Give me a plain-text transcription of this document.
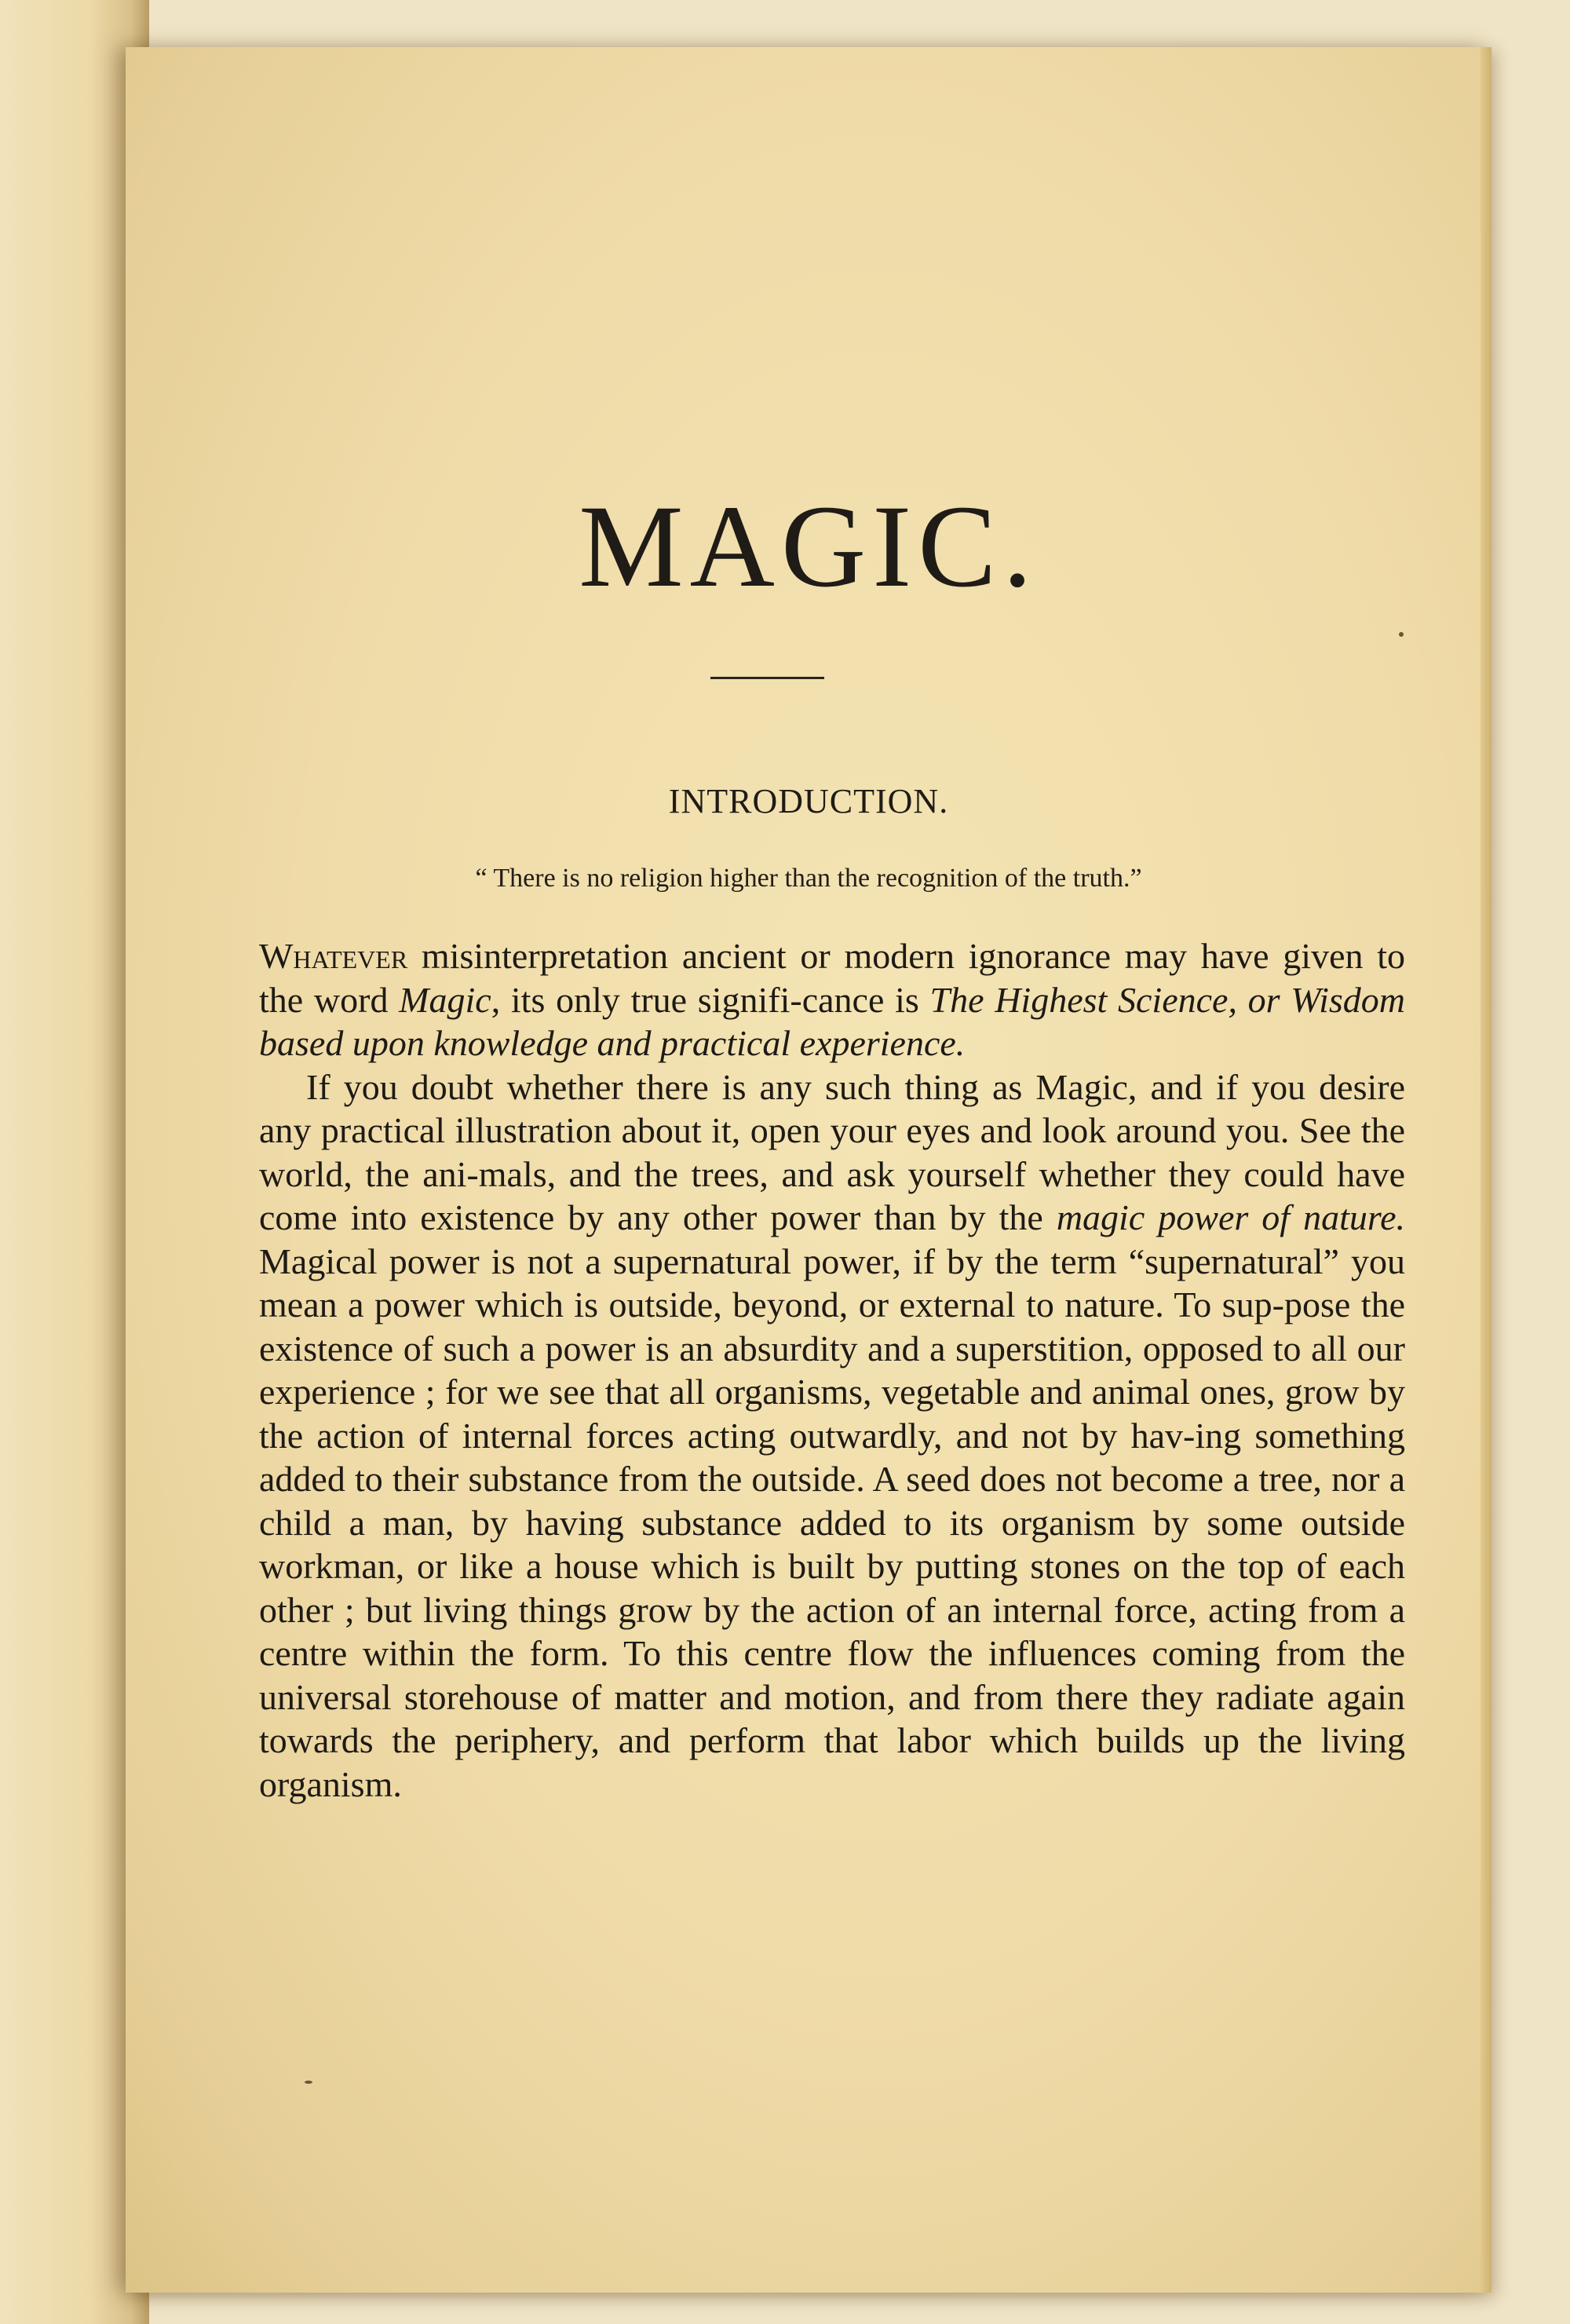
MAGIC.
INTRODUCTION.

“ There is no religion higher than the recognition of the truth.”

Whatever misinterpretation ancient or modern ignorance may have given to the word Magic, its only true signifi-cance is The Highest Science, or Wisdom based upon knowledge and practical experience.

If you doubt whether there is any such thing as Magic, and if you desire any practical illustration about it, open your eyes and look around you. See the world, the ani-mals, and the trees, and ask yourself whether they could have come into existence by any other power than by the magic power of nature. Magical power is not a supernatural power, if by the term “supernatural” you mean a power which is outside, beyond, or external to nature. To sup-pose the existence of such a power is an absurdity and a superstition, opposed to all our experience ; for we see that all organisms, vegetable and animal ones, grow by the action of internal forces acting outwardly, and not by hav-ing something added to their substance from the outside. A seed does not become a tree, nor a child a man, by having substance added to its organism by some outside workman, or like a house which is built by putting stones on the top of each other ; but living things grow by the action of an internal force, acting from a centre within the form. To this centre flow the influences coming from the universal storehouse of matter and motion, and from there they radiate again towards the periphery, and perform that labor which builds up the living organism.
